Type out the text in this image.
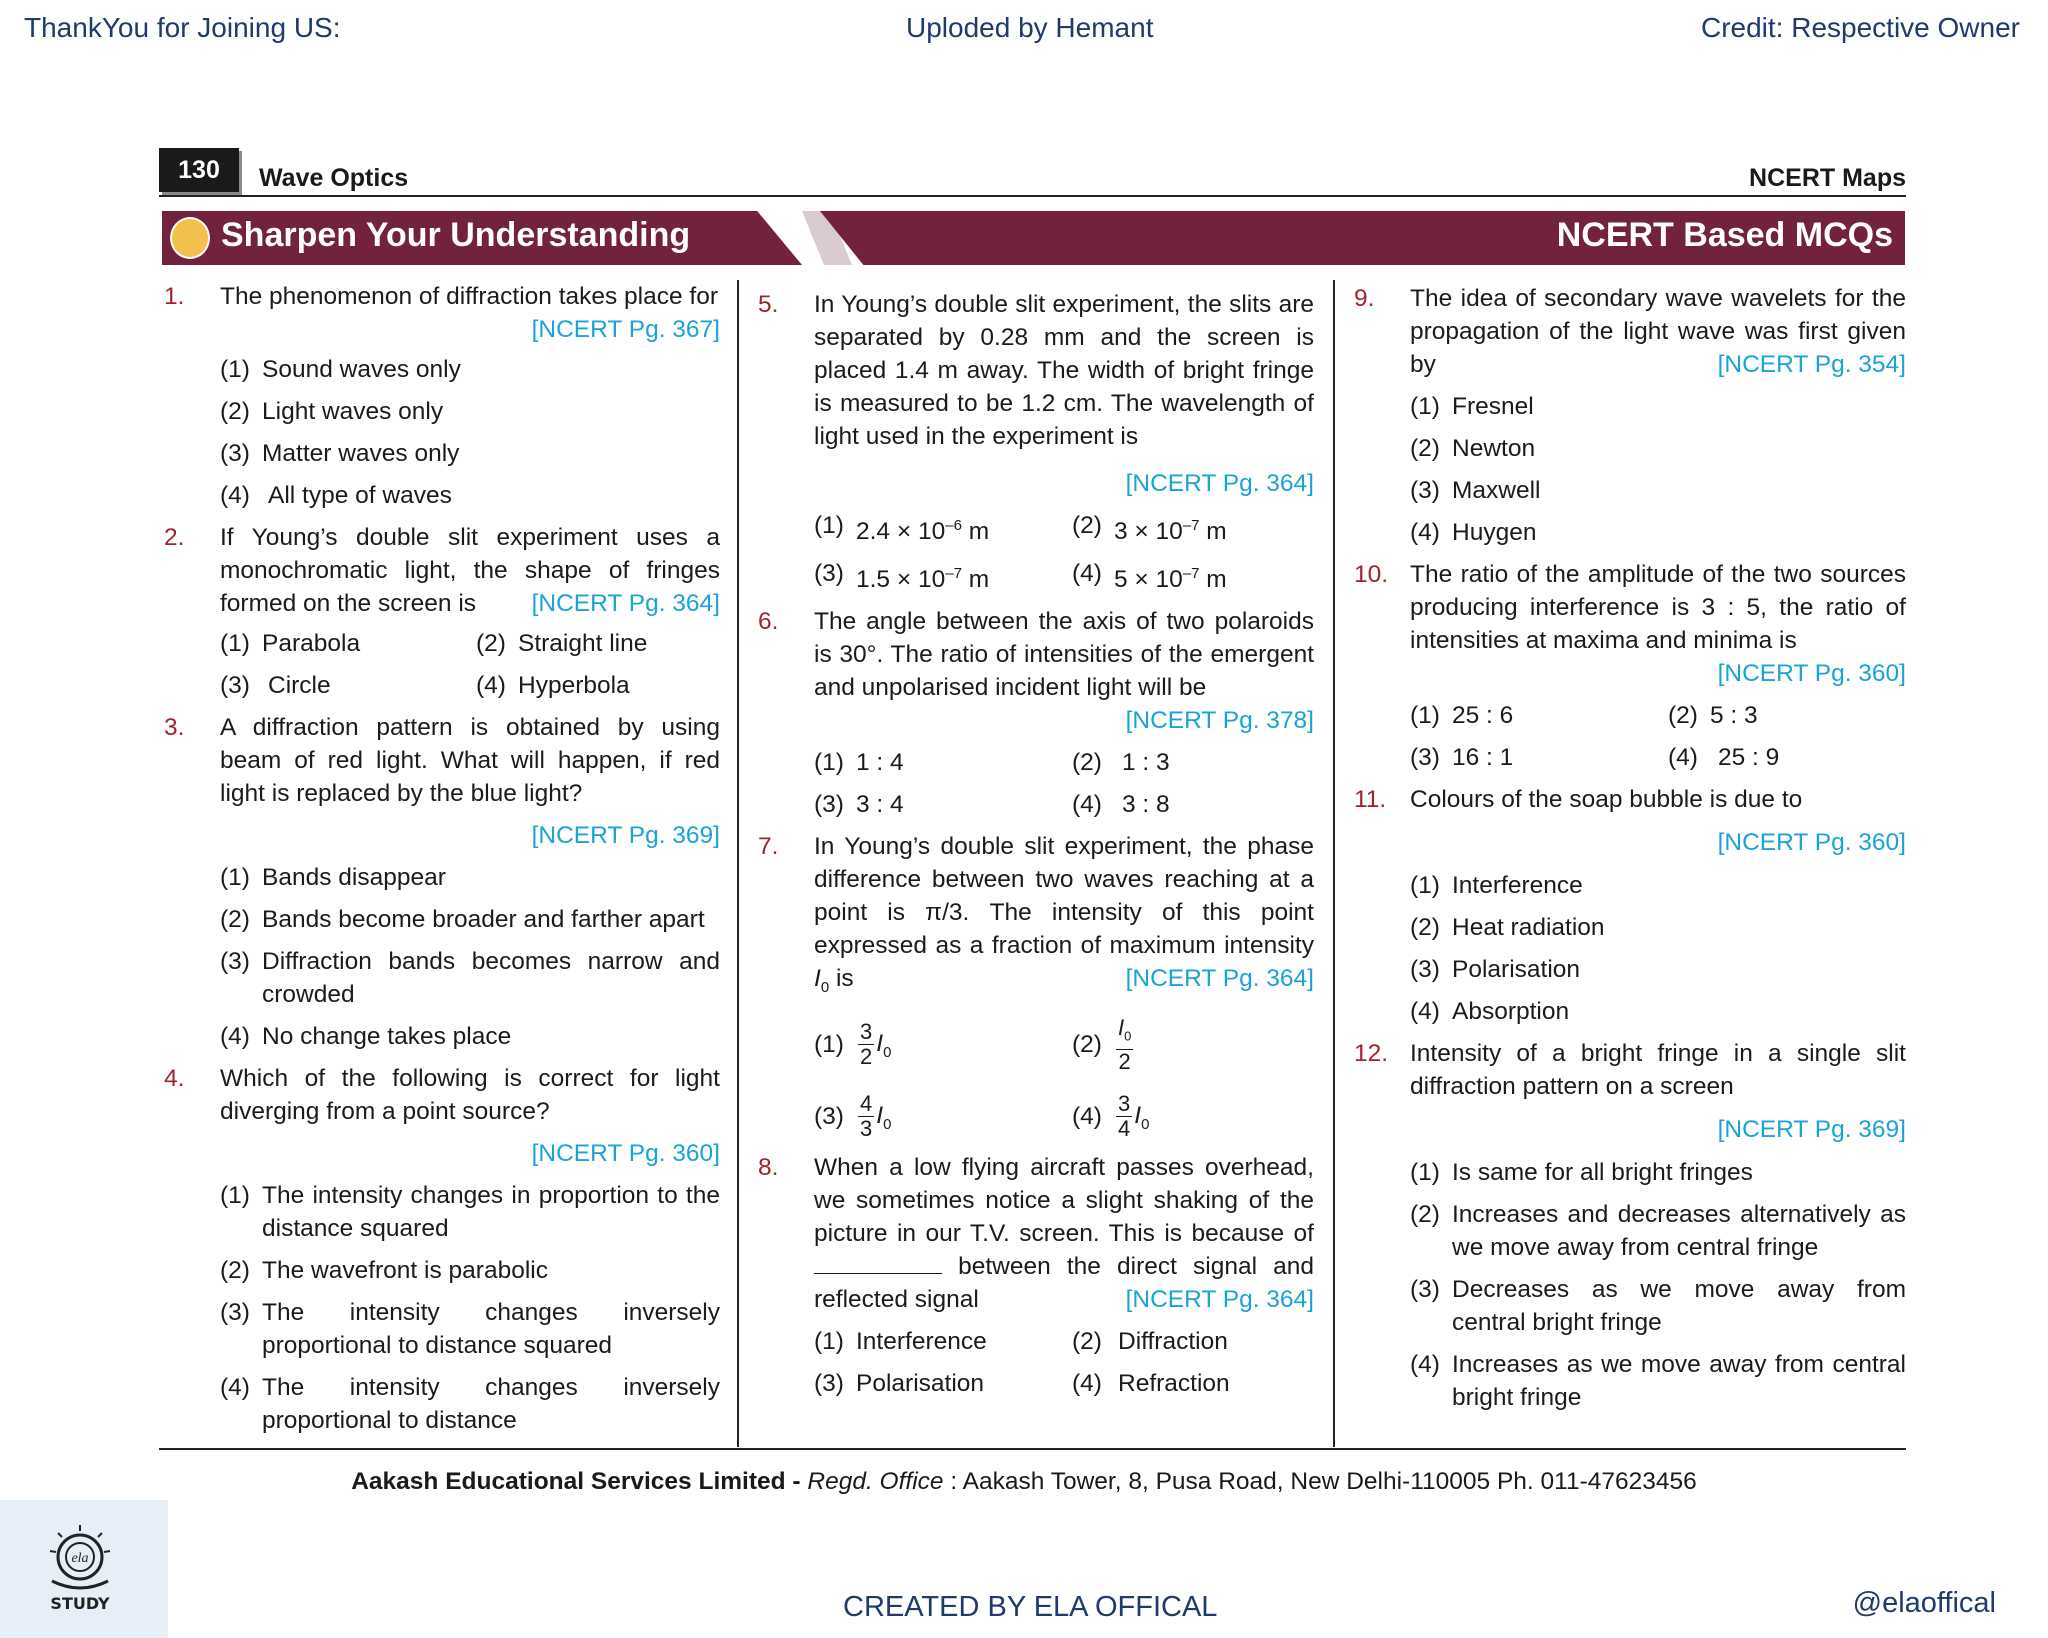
ThankYou for Joining US:	Uploded by Hemant	Credit: Respective Owner
130	Wave Optics	NCERT Maps
Sharpen Your Understanding	NCERT Based MCQs
1.	The phenomenon of diffraction takes place for
[NCERT Pg. 367]
(1) Sound waves only
(2) Light waves only
(3) Matter waves only
(4) All type of waves
2.	If Young’s double slit experiment uses a monochromatic light, the shape of fringes formed on the screen is [NCERT Pg. 364]
(1) Parabola	(2) Straight line
(3) Circle	(4) Hyperbola
3.	A diffraction pattern is obtained by using beam of red light. What will happen, if red light is replaced by the blue light?
[NCERT Pg. 369]
(1) Bands disappear
(2) Bands become broader and farther apart
(3) Diffraction bands becomes narrow and crowded
(4) No change takes place
4.	Which of the following is correct for light diverging from a point source?
[NCERT Pg. 360]
(1) The intensity changes in proportion to the distance squared
(2) The wavefront is parabolic
(3) The intensity changes inversely proportional to distance squared
(4) The intensity changes inversely proportional to distance
5.	In Young’s double slit experiment, the slits are separated by 0.28 mm and the screen is placed 1.4 m away. The width of bright fringe is measured to be 1.2 cm. The wavelength of light used in the experiment is
[NCERT Pg. 364]
(1) $2.4 \times 10^{-6}$ m	(2) $3 \times 10^{-7}$ m
(3) $1.5 \times 10^{-7}$ m	(4) $5 \times 10^{-7}$ m
6.	The angle between the axis of two polaroids is 30°. The ratio of intensities of the emergent and unpolarised incident light will be
[NCERT Pg. 378]
(1) 1 : 4	(2) 1 : 3
(3) 3 : 4	(4) 3 : 8
7.	In Young’s double slit experiment, the phase difference between two waves reaching at a point is π/3. The intensity of this point expressed as a fraction of maximum intensity $I_0$ is	[NCERT Pg. 364]
$(1) \frac{3}{2} I_0$	$(2) \frac{I_0}{2}$
$(3) \frac{4}{3} I_0$	$(4) \frac{3}{4} I_0$
8.	When a low flying aircraft passes overhead, we sometimes notice a slight shaking of the picture in our T.V. screen. This is because of  between the direct signal and reflected signal	[NCERT Pg. 364]
(1) Interference	(2) Diffraction
(3) Polarisation	(4) Refraction
9.	The idea of secondary wave wavelets for the propagation of the light wave was first given by	[NCERT Pg. 354]
(1) Fresnel
(2) Newton
(3) Maxwell
(4) Huygen
10. The ratio of the amplitude of the two sources producing interference is 3 : 5, the ratio of intensities at maxima and minima is
[NCERT Pg. 360]
(1) 25 : 6	(2) 5 : 3
(3) 16 : 1	(4) 25 : 9
11. Colours of the soap bubble is due to
[NCERT Pg. 360]
(1) Interference
(2) Heat radiation
(3) Polarisation
(4) Absorption
12. Intensity of a bright fringe in a single slit diffraction pattern on a screen
[NCERT Pg. 369]
(1) Is same for all bright fringes
(2) Increases and decreases alternatively as we move away from central fringe
(3) Decreases as we move away from central bright fringe
(4) Increases as we move away from central bright fringe
Aakash Educational Services Limited - Regd. Office : Aakash Tower, 8, Pusa Road, New Delhi-110005 Ph. 011-47623456
ela
STUDY	CREATED BY ELA OFFICAL	@elaoffical
